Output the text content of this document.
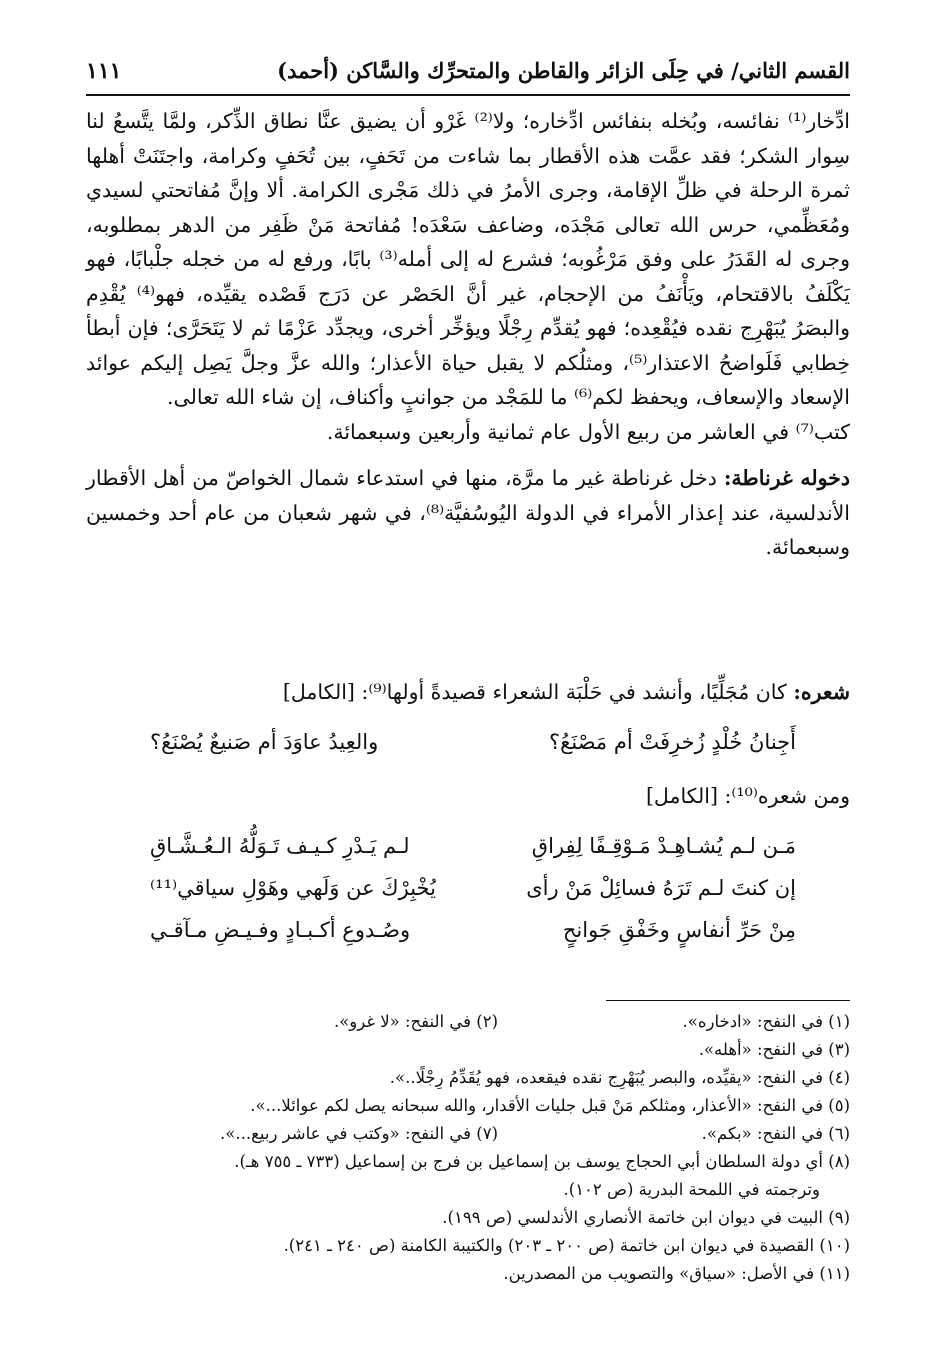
القسم الثاني/ في حِلَى الزائر والقاطن والمتحرِّك والسَّاكن (أحمد)
١١١

ادِّخار⁽¹⁾ نفائسه، وبُخله بنفائس ادِّخاره؛ ولا⁽²⁾ غَرْو أن يضيق عنَّا نطاق الذِّكر، ولمَّا يتَّسعُ لنا سِوار الشكر؛ فقد عمَّت هذه الأقطار بما شاءت من تَحَفٍ، بين تُحَفٍ وكرامة، واجتَنَتْ أهلها ثمرة الرحلة في ظلِّ الإقامة، وجرى الأمرُ في ذلك مَجْرى الكرامة. ألا وإنَّ مُفاتحتي لسيدي ومُعَظِّمي، حرس الله تعالى مَجْدَه، وضاعف سَعْدَه! مُفاتحة مَنْ ظَفِر من الدهر بمطلوبه، وجرى له القَدَرُ على وفق مَرْغُوبه؛ فشرع له إلى أمله⁽³⁾ بابًا، ورفع له من خجله جلْبابًا، فهو يَكْلَفُ بالاقتحام، ويَأْنَفُ من الإحجام، غير أنَّ الحَصْر عن دَرَج قَصْده يقيِّده، فهو⁽⁴⁾ يُقْدِم والبصَرُ يُبَهْرِج نقده فيُقْعِده؛ فهو يُقدِّم رِجْلًا ويؤخِّر أخرى، ويجدِّد عَزْمًا ثم لا يَتَحَرَّى؛ فإن أبطأ خِطابي فَلَواضحُ الاعتذار⁽⁵⁾، ومثلُكم لا يقبل حياة الأعذار؛ والله عزَّ وجلَّ يَصِل إليكم عوائد الإسعاد والإسعاف، ويحفظ لكم⁽⁶⁾ ما للمَجْد من جوانبٍ وأكناف، إن شاء الله تعالى.

كتب⁽⁷⁾ في العاشر من ربيع الأول عام ثمانية وأربعين وسبعمائة.

دخوله غرناطة: دخل غرناطة غير ما مرَّة، منها في استدعاء شمال الخواصّ من أهل الأقطار الأندلسية، عند إعذار الأمراء في الدولة اليُوسُفيَّة⁽⁸⁾، في شهر شعبان من عام أحد وخمسين وسبعمائة.

شعره: كان مُجَلِّيًا، وأنشد في حَلْبَة الشعراء قصيدةً أولها⁽⁹⁾: [الكامل]
أَجِنانُ خُلْدٍ زُخرِفَتْ أم مَصْنَعُ؟
والعِيدُ عاوَدَ أم صَنيعٌ يُصْنَعُ؟
ومن شعره⁽¹⁰⁾: [الكامل]
مَـن لـم يُشـاهِـدْ مَـوْقِـفًا لِفِراقِ
لـم يَـدْرِ كـيـف تَـوَلُّهُ الـعُـشَّـاقِ
إن كنتَ لـم تَرَهُ فسائِلْ مَنْ رأى
يُخْبِرْكَ عن وَلَهي وهَوْلِ سياقي⁽¹¹⁾
مِنْ حَرِّ أنفاسٍ وخَفْقِ جَوانحٍ
وصُـدوعِ أكـبـادٍ وفـيـضِ مـآقـي
(١) في النفح: «ادخاره».
(٢) في النفح: «لا غرو».

(٣) في النفح: «أهله».

(٤) في النفح: «يقيِّده، والبصر يُبَهْرِج نقده فيقعده، فهو يُقَدِّمُ رِجْلًا..».

(٥) في النفح: «الأعذار، ومثلكم مَنْ قبل جليات الأقدار، والله سبحانه يصل لكم عوائلا...».

(٦) في النفح: «بكم».
(٧) في النفح: «وكتب في عاشر ربيع...».

(٨) أي دولة السلطان أبي الحجاج يوسف بن إسماعيل بن فرج بن إسماعيل (٧٣٣ ـ ٧٥٥ هـ).

وترجمته في اللمحة البدرية (ص ١٠٢).

(٩) البيت في ديوان ابن خاتمة الأنصاري الأندلسي (ص ١٩٩).

(١٠) القصيدة في ديوان ابن خاتمة (ص ٢٠٠ ـ ٢٠٣) والكتيبة الكامنة (ص ٢٤٠ ـ ٢٤١).

(١١) في الأصل: «سياق» والتصويب من المصدرين.
